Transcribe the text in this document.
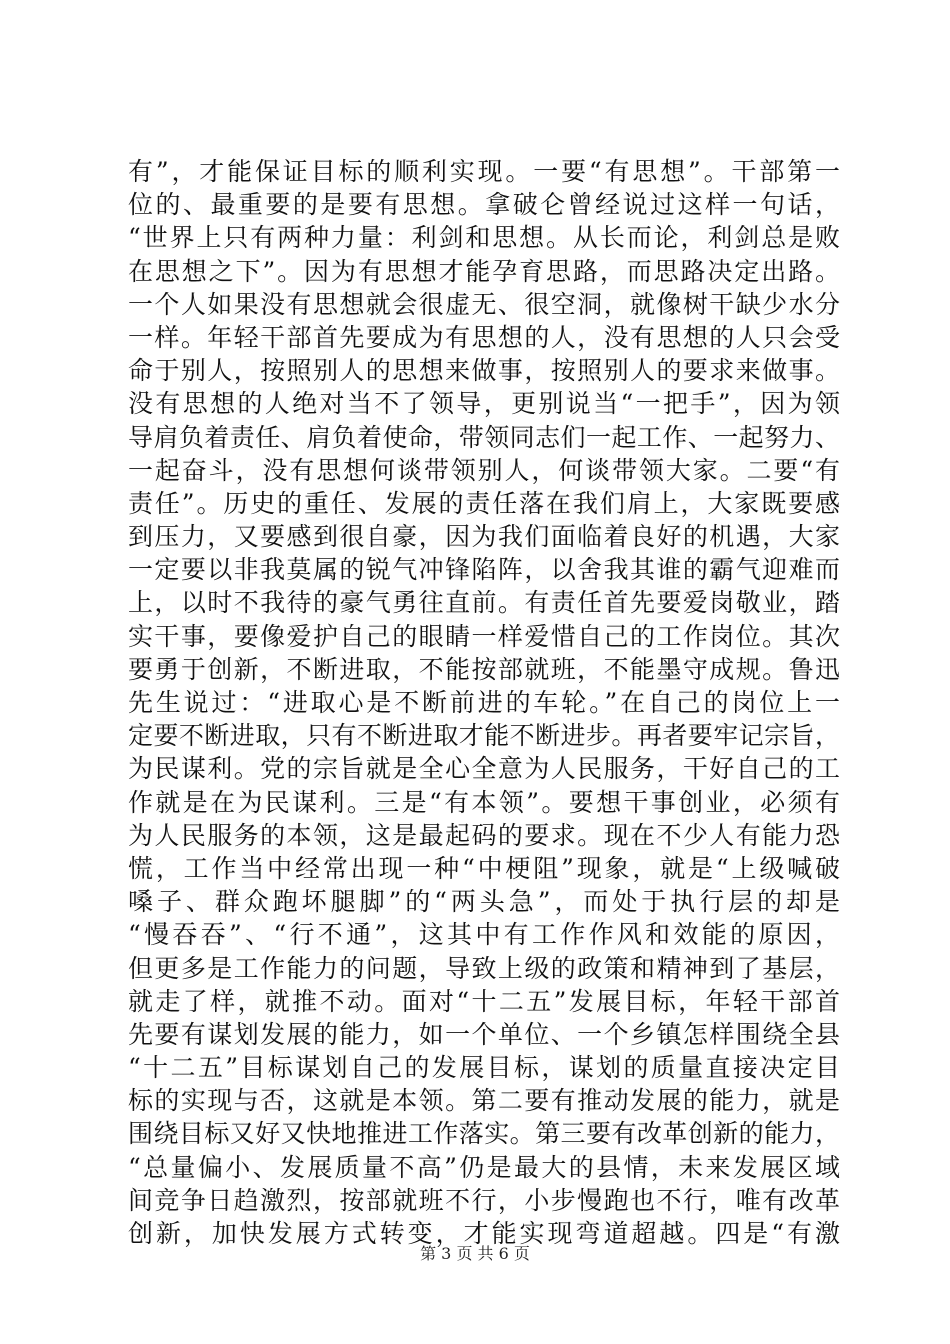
有”，才能保证目标的顺利实现。一要“有思想”。干部第一
位的、最重要的是要有思想。拿破仑曾经说过这样一句话，
“世界上只有两种力量：利剑和思想。从长而论，利剑总是败
在思想之下”。因为有思想才能孕育思路，而思路决定出路。
一个人如果没有思想就会很虚无、很空洞，就像树干缺少水分
一样。年轻干部首先要成为有思想的人，没有思想的人只会受
命于别人，按照别人的思想来做事，按照别人的要求来做事。
没有思想的人绝对当不了领导，更别说当“一把手”，因为领
导肩负着责任、肩负着使命，带领同志们一起工作、一起努力、
一起奋斗，没有思想何谈带领别人，何谈带领大家。二要“有
责任”。历史的重任、发展的责任落在我们肩上，大家既要感
到压力，又要感到很自豪，因为我们面临着良好的机遇，大家
一定要以非我莫属的锐气冲锋陷阵，以舍我其谁的霸气迎难而
上，以时不我待的豪气勇往直前。有责任首先要爱岗敬业，踏
实干事，要像爱护自己的眼睛一样爱惜自己的工作岗位。其次
要勇于创新，不断进取，不能按部就班，不能墨守成规。鲁迅
先生说过：“进取心是不断前进的车轮。”在自己的岗位上一
定要不断进取，只有不断进取才能不断进步。再者要牢记宗旨，
为民谋利。党的宗旨就是全心全意为人民服务，干好自己的工
作就是在为民谋利。三是“有本领”。要想干事创业，必须有
为人民服务的本领，这是最起码的要求。现在不少人有能力恐
慌，工作当中经常出现一种“中梗阻”现象，就是“上级喊破
嗓子、群众跑坏腿脚”的“两头急”，而处于执行层的却是
“慢吞吞”、“行不通”，这其中有工作作风和效能的原因，
但更多是工作能力的问题，导致上级的政策和精神到了基层，
就走了样，就推不动。面对“十二五”发展目标，年轻干部首
先要有谋划发展的能力，如一个单位、一个乡镇怎样围绕全县
“十二五”目标谋划自己的发展目标，谋划的质量直接决定目
标的实现与否，这就是本领。第二要有推动发展的能力，就是
围绕目标又好又快地推进工作落实。第三要有改革创新的能力，
“总量偏小、发展质量不高”仍是最大的县情，未来发展区域
间竞争日趋激烈，按部就班不行，小步慢跑也不行，唯有改革
创新，加快发展方式转变，才能实现弯道超越。四是“有激
第 3 页 共 6 页
